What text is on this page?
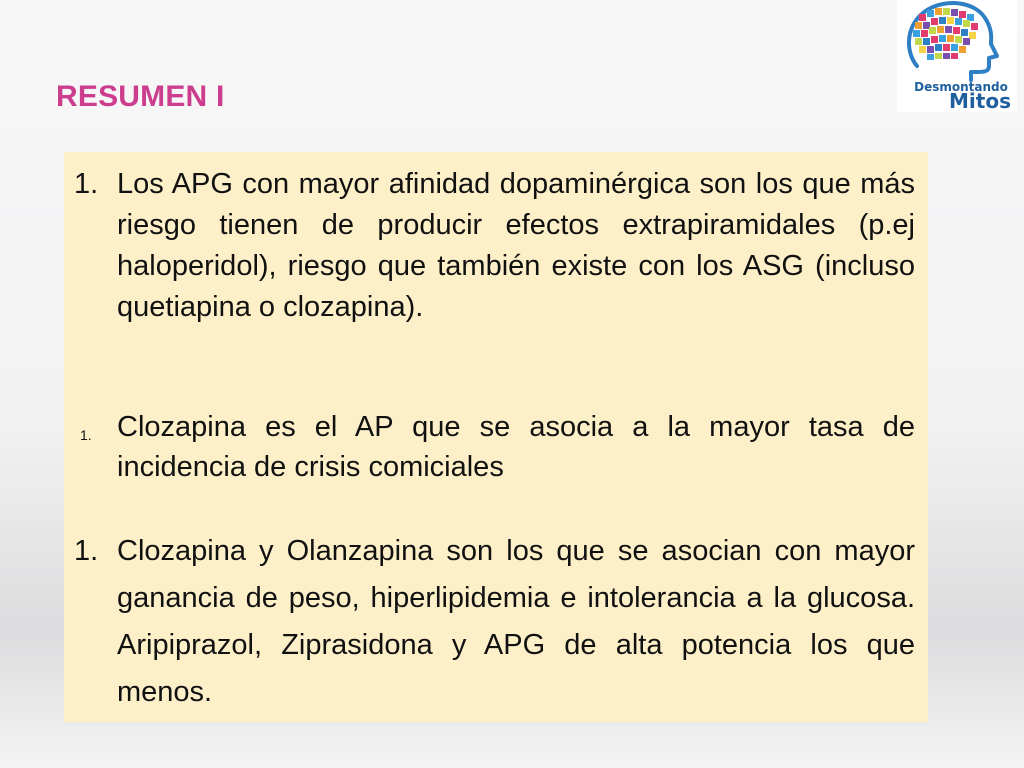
RESUMEN I	Desmontando
Mitos
1. Los APG con mayor afinidad dopaminérgica son los que más riesgo tienen de producir efectos extrapiramidales (p.ej haloperidol), riesgo que también existe con los ASG (incluso quetiapina o clozapina).
1. Clozapina es el AP que se asocia a la mayor tasa de incidencia de crisis comiciales
1. Clozapina y Olanzapina son los que se asocian con mayor ganancia de peso, hiperlipidemia e intolerancia a la glucosa. Aripiprazol, Ziprasidona y APG de alta potencia los que menos.
